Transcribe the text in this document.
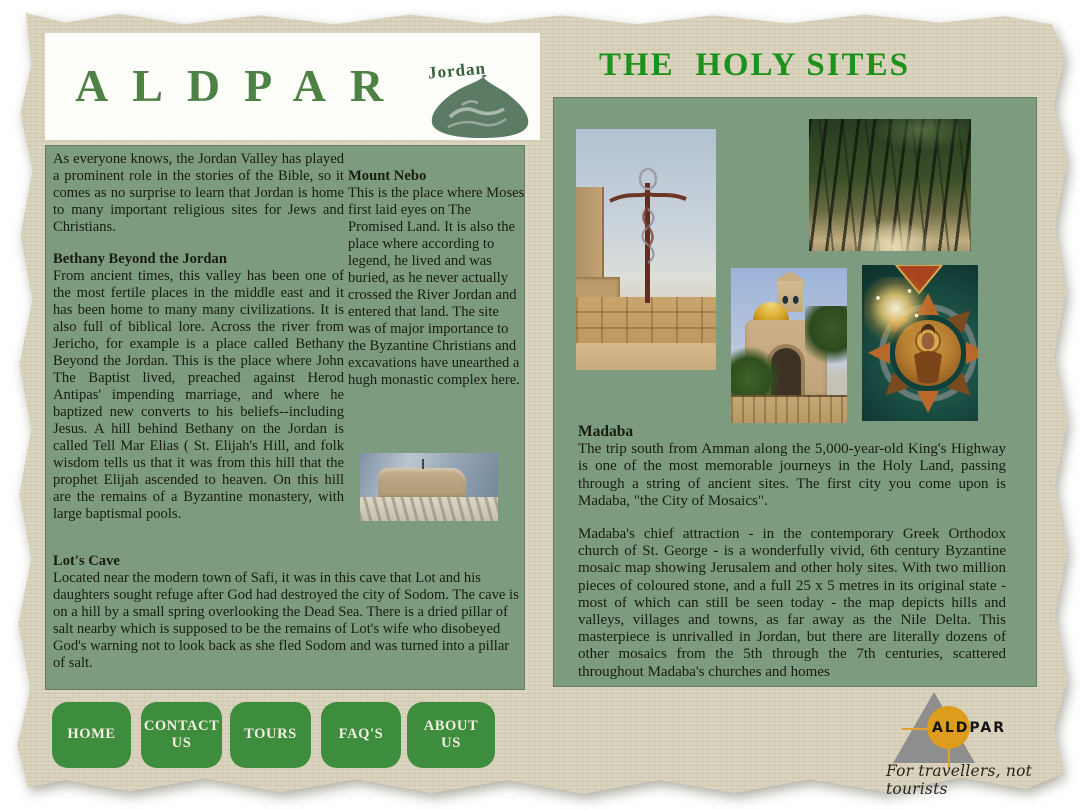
ALDPAR Jordan	THE  HOLY SITES

As everyone knows, the Jordan Valley has played a prominent role in the stories of the Bible, so it comes as no surprise to learn that Jordan is home to many important religious sites for Jews and Christians.

Bethany Beyond the Jordan

From ancient times, this valley has been one of the most fertile places in the middle east and it has been home to many many civilizations. It is also full of biblical lore. Across the river from Jericho, for example is a place called Bethany Beyond the Jordan. This is the place where John The Baptist lived, preached against Herod Antipas' impending marriage, and where he baptized new converts to his beliefs--including Jesus. A hill behind Bethany on the Jordan is called Tell Mar Elias ( St. Elijah's Hill, and folk wisdom tells us that it was from this hill that the prophet Elijah ascended to heaven. On this hill are the remains of a Byzantine monastery, with large baptismal pools.

Mount Nebo

This is the place where Moses first laid eyes on The Promised Land. It is also the place where according to legend, he lived and was buried, as he never actually crossed the River Jordan and entered that land. The site was of major importance to the Byzantine Christians and excavations have unearthed a hugh monastic complex here.

Lot's Cave

Located near the modern town of Safi, it was in this cave that Lot and his daughters sought refuge after God had destroyed the city of Sodom. The cave is on a hill by a small spring overlooking the Dead Sea. There is a dried pillar of salt nearby which is supposed to be the remains of Lot's wife who disobeyed God's warning not to look back as she fled Sodom and was turned into a pillar of salt.

Madaba

The trip south from Amman along the 5,000-year-old King's Highway is one of the most memorable journeys in the Holy Land, passing through a string of ancient sites. The first city you come upon is Madaba, "the City of Mosaics".

Madaba's chief attraction - in the contemporary Greek Orthodox church of St. George - is a wonderfully vivid, 6th century Byzantine mosaic map showing Jerusalem and other holy sites. With two million pieces of coloured stone, and a full 25 x 5 metres in its original state - most of which can still be seen today - the map depicts hills and valleys, villages and towns, as far away as the Nile Delta. This masterpiece is unrivalled in Jordan, but there are literally dozens of other mosaics from the 5th through the 7th centuries, scattered throughout Madaba's churches and homes

HOME
CONTACT US
TOURS	FAQ'S
ABOUT US
ALDPAR
For travellers, not tourists
